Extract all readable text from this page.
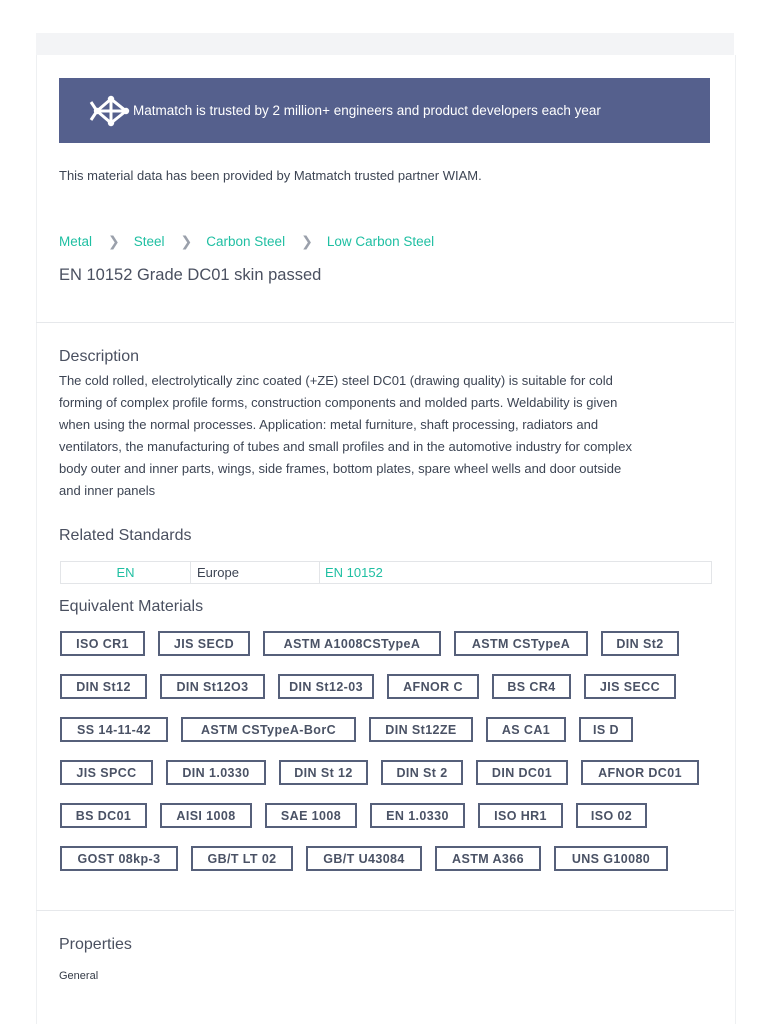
Matmatch is trusted by 2 million+ engineers and product developers each year
This material data has been provided by Matmatch trusted partner WIAM.
Metal ❯ Steel ❯ Carbon Steel ❯ Low Carbon Steel
EN 10152 Grade DC01 skin passed
Description
The cold rolled, electrolytically zinc coated (+ZE) steel DC01 (drawing quality) is suitable for cold
forming of complex profile forms, construction components and molded parts. Weldability is given
when using the normal processes. Application: metal furniture, shaft processing, radiators and
ventilators, the manufacturing of tubes and small profiles and in the automotive industry for complex
body outer and inner parts, wings, side frames, bottom plates, spare wheel wells and door outside
and inner panels
Related Standards
EN	Europe	EN 10152
Equivalent Materials
ISO CR1	JIS SECD	ASTM A1008CSTypeA	ASTM CSTypeA	DIN St2
DIN St12	DIN St12O3	DIN St12-03	AFNOR C	BS CR4	JIS SECC
SS 14-11-42	ASTM CSTypeA-BorC	DIN St12ZE	AS CA1	IS D
JIS SPCC	DIN 1.0330	DIN St 12	DIN St 2	DIN DC01	AFNOR DC01
BS DC01	AISI 1008	SAE 1008	EN 1.0330	ISO HR1	ISO 02
GOST 08kp-3	GB/T LT 02	GB/T U43084	ASTM A366	UNS G10080
Properties
General
